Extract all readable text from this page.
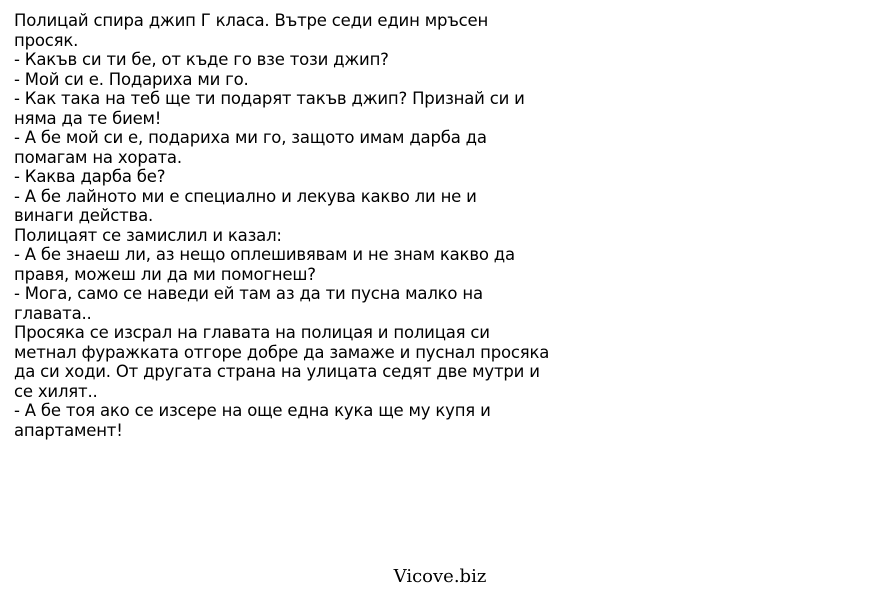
Полицай спира джип Г класа. Вътре седи един мръсен
просяк.
- Какъв си ти бе, от къде го взе този джип?
- Мой си е. Подариха ми го.
- Как така на теб ще ти подарят такъв джип? Признай си и
няма да те бием!
- А бе мой си е, подариха ми го, защото имам дарба да
помагам на хората.
- Каква дарба бе?
- А бе лайното ми е специално и лекува какво ли не и
винаги действа.
Полицаят се замислил и казал:
- А бе знаеш ли, аз нещо оплешивявам и не знам какво да
правя, можеш ли да ми помогнеш?
- Мога, само се наведи ей там аз да ти пусна малко на
главата..
Просяка се изсрал на главата на полицая и полицая си
метнал фуражката отгоре добре да замаже и пуснал просяка
да си ходи. От другата страна на улицата седят две мутри и
се хилят..
- А бе тоя ако се изсере на още една кука ще му купя и
апартамент!
Vicove.biz
